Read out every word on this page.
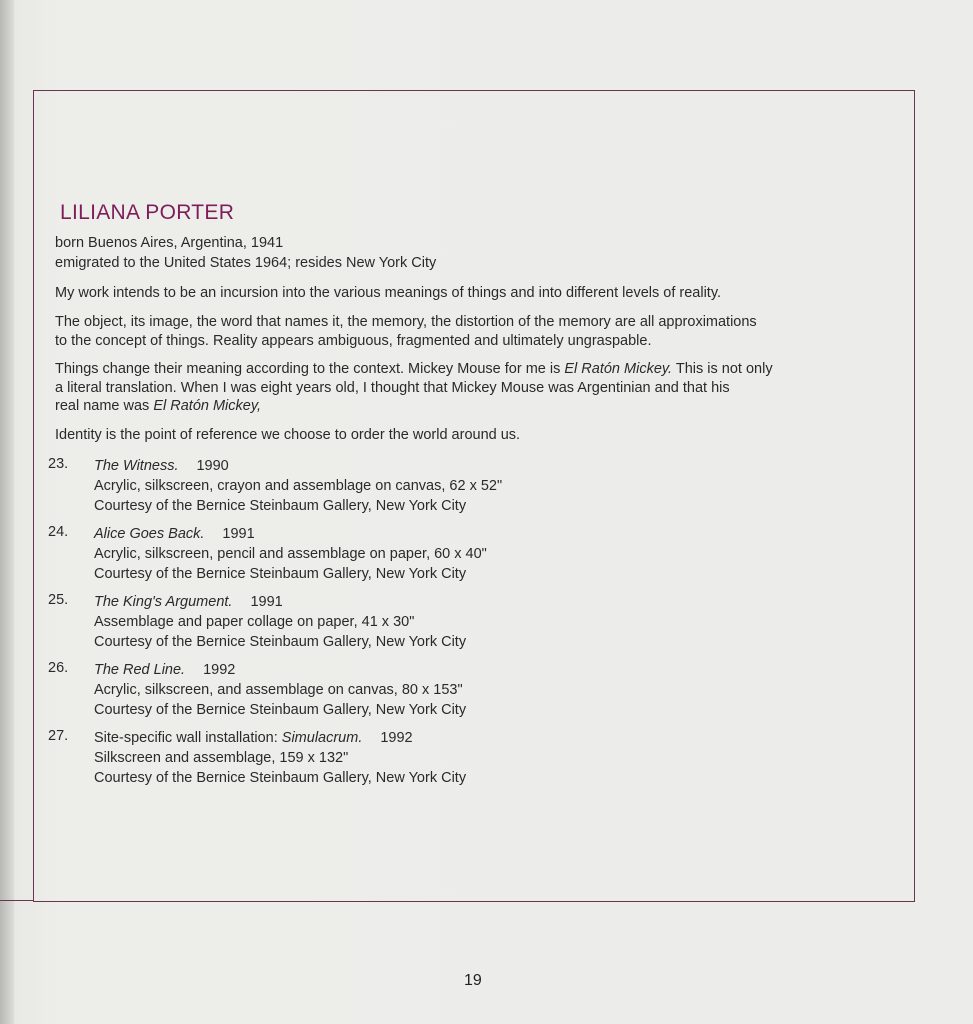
LILIANA PORTER
born Buenos Aires, Argentina, 1941
emigrated to the United States 1964; resides New York City
My work intends to be an incursion into the various meanings of things and into different levels of reality.
The object, its image, the word that names it, the memory, the distortion of the memory are all approximations
to the concept of things. Reality appears ambiguous, fragmented and ultimately ungraspable.
Things change their meaning according to the context. Mickey Mouse for me is El Ratón Mickey. This is not only
a literal translation. When I was eight years old, I thought that Mickey Mouse was Argentinian and that his
real name was El Ratón Mickey,
Identity is the point of reference we choose to order the world around us.
23. The Witness. 1990
Acrylic, silkscreen, crayon and assemblage on canvas, 62 x 52"
Courtesy of the Bernice Steinbaum Gallery, New York City
24. Alice Goes Back. 1991
Acrylic, silkscreen, pencil and assemblage on paper, 60 x 40"
Courtesy of the Bernice Steinbaum Gallery, New York City
25. The King's Argument. 1991
Assemblage and paper collage on paper, 41 x 30"
Courtesy of the Bernice Steinbaum Gallery, New York City
26. The Red Line. 1992
Acrylic, silkscreen, and assemblage on canvas, 80 x 153"
Courtesy of the Bernice Steinbaum Gallery, New York City
27. Site-specific wall installation: Simulacrum. 1992
Silkscreen and assemblage, 159 x 132"
Courtesy of the Bernice Steinbaum Gallery, New York City
19
